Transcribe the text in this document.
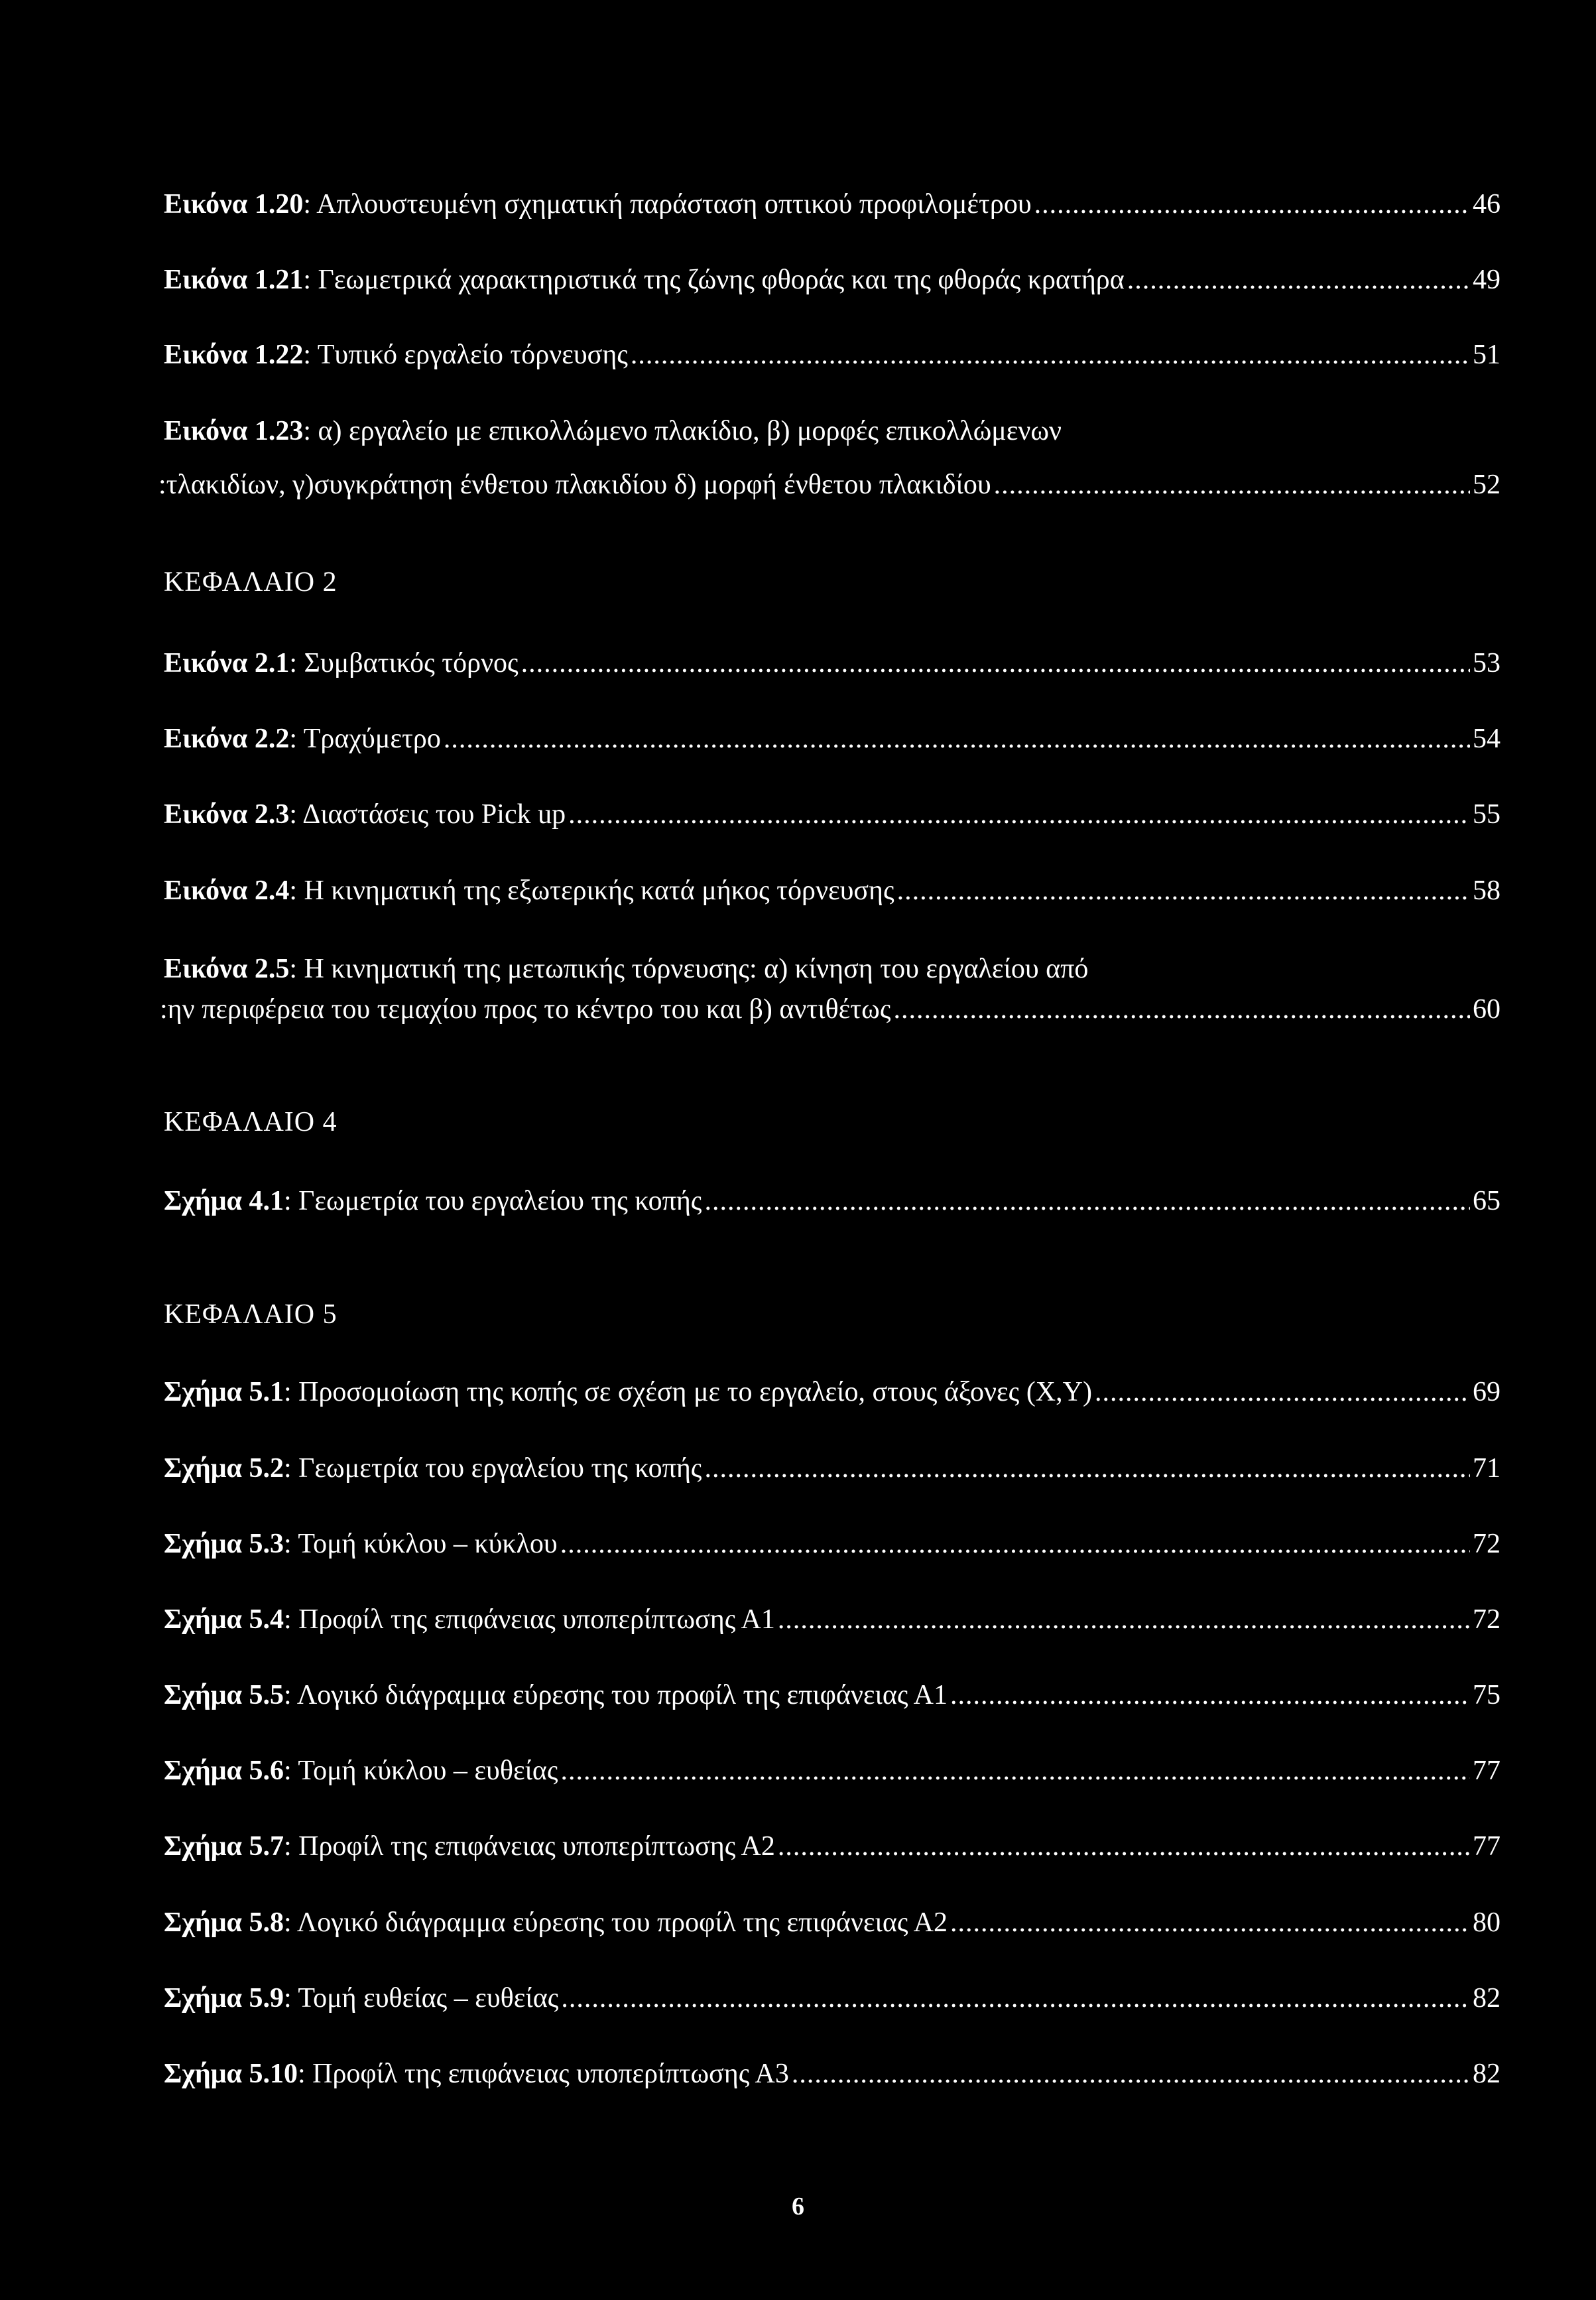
Εικόνα 1.20: Απλουστευμένη σχηματική παράσταση οπτικού προφιλομέτρου .....	46
Εικόνα 1.21: Γεωμετρικά χαρακτηριστικά της ζώνης φθοράς και της φθοράς κρατήρα .....	49
Εικόνα 1.22: Τυπικό εργαλείο τόρνευσης .....	51
Εικόνα 1.23: α) εργαλείο με επικολλώμενο πλακίδιο, β) μορφές επικολλώμενων
:τλακιδίων, γ)συγκράτηση ένθετου πλακιδίου δ) μορφή ένθετου πλακιδίου .....	52
ΚΕΦΑΛΑΙΟ 2
Εικόνα 2.1: Συμβατικός τόρνος .....	53
Εικόνα 2.2: Τραχύμετρο .....	54
Εικόνα 2.3: Διαστάσεις του Pick up .....	55
Εικόνα 2.4: Η κινηματική της εξωτερικής κατά μήκος τόρνευσης .....	58
Εικόνα 2.5: Η κινηματική της μετωπικής τόρνευσης: α) κίνηση του εργαλείου από
:ην περιφέρεια του τεμαχίου προς το κέντρο του και β) αντιθέτως .....	60
ΚΕΦΑΛΑΙΟ 4
Σχήμα 4.1: Γεωμετρία του εργαλείου της κοπής .....	65
ΚΕΦΑΛΑΙΟ 5
Σχήμα 5.1: Προσομοίωση της κοπής σε σχέση με το εργαλείο, στους άξονες (Χ,Υ) .....	69
Σχήμα 5.2: Γεωμετρία του εργαλείου της κοπής .....	71
Σχήμα 5.3: Τομή κύκλου – κύκλου .....	72
Σχήμα 5.4: Προφίλ της επιφάνειας υποπερίπτωσης Α1 .....	72
Σχήμα 5.5: Λογικό διάγραμμα εύρεσης του προφίλ της επιφάνειας Α1 .....	75
Σχήμα 5.6: Τομή κύκλου – ευθείας .....	77
Σχήμα 5.7: Προφίλ της επιφάνειας υποπερίπτωσης Α2 .....	77
Σχήμα 5.8: Λογικό διάγραμμα εύρεσης του προφίλ της επιφάνειας Α2 .....	80
Σχήμα 5.9: Τομή ευθείας – ευθείας .....	82
Σχήμα 5.10: Προφίλ της επιφάνειας υποπερίπτωσης Α3 .....	82
6
